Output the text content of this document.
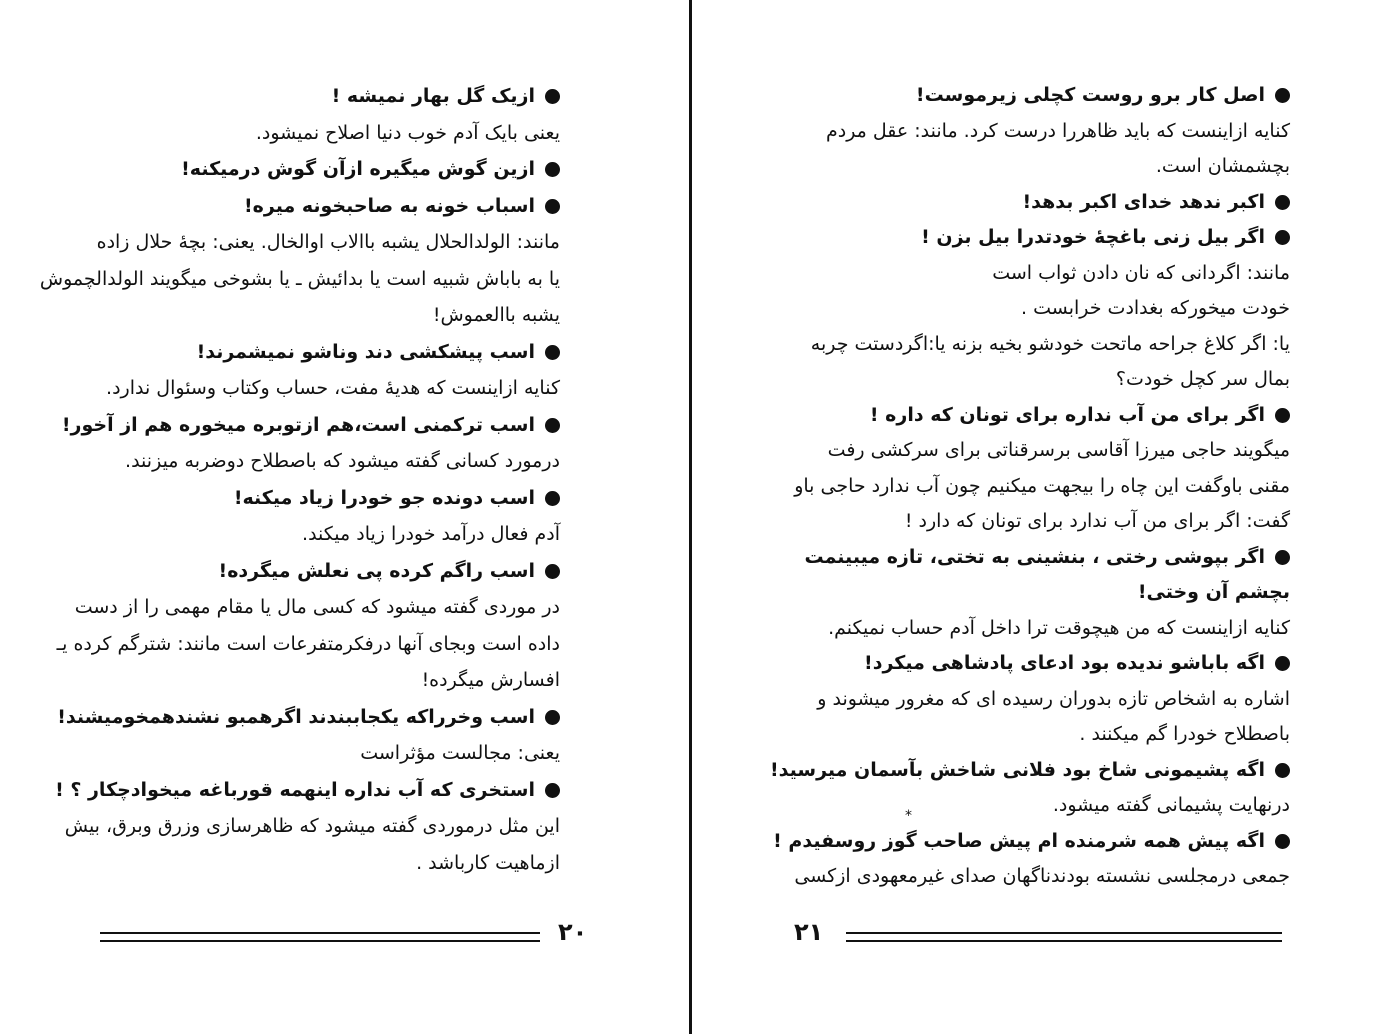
ازیک گل بهار نمیشه !
یعنی بایک آدم خوب دنیا اصلاح نمیشود.
ازین گوش میگیره ازآن گوش درمیکنه!
اسباب خونه به صاحبخونه میره!
مانند: الولدالحلال یشبه باالاب اوالخال. یعنی: بچهٔ حلال زاده
یا به باباش شبیه است یا بدائیش ـ یا بشوخی میگویند الولدالچموش
یشبه باالعموش!
اسب پیشکشی دند وناشو نمیشمرند!
کنایه ازاینست که هدیهٔ مفت، حساب وکتاب وسئوال ندارد.
اسب ترکمنی است،هم ازتوبره میخوره هم از آخور!
درمورد کسانی گفته میشود که باصطلاح دوضربه میزنند.
اسب دونده جو خودرا زیاد میکنه!
آدم فعال درآمد خودرا زیاد میکند.
اسب راگم کرده پی نعلش میگرده!
در موردی گفته میشود که کسی مال یا مقام مهمی را از دست
داده است وبجای آنها درفکرمتفرعات است مانند: شترگم کرده یـ
افسارش میگرده!
اسب وخرراکه یکجاببندند اگرهمبو نشندهمخومیشند!
یعنی: مجالست مؤثراست
استخری که آب نداره اینهمه قورباغه میخوادچکار ؟ !
این مثل درموردی گفته میشود که ظاهرسازی وزرق وبرق، بیش
ازماهیت کارباشد .
اصل کار برو روست کچلی زیرموست!
کنایه ازاینست که باید ظاهررا درست کرد. مانند: عقل مردم
بچشمشان است.
اکبر ندهد خدای اکبر بدهد!
اگر بیل زنی باغچهٔ خودتدرا بیل بزن !
مانند: اگردانی که نان دادن ثواب است
خودت میخورکه بغدادت خرابست .
یا: اگر کلاغ جراحه ماتحت خودشو بخیه بزنه یا:اگردستت چربه
بمال سر کچل خودت؟
اگر برای من آب نداره برای تونان که داره !
میگویند حاجی میرزا آقاسی برسرقناتی برای سرکشی رفت
مقنی باوگفت این چاه را بیجهت میکنیم چون آب ندارد حاجی باو
گفت: اگر برای من آب ندارد برای تونان که دارد !
اگر بپوشی رختی ، بنشینی به تختی، تازه میبینمت
بچشم آن وختی!
کنایه ازاینست که من هیچوقت ترا داخل آدم حساب نمیکنم.
اگه باباشو ندیده بود ادعای پادشاهی میکرد!
اشاره به اشخاص تازه بدوران رسیده ای که مغرور میشوند و
باصطلاح خودرا گم میکنند .
اگه پشیمونی شاخ بود فلانی شاخش بآسمان میرسید!
درنهایت پشیمانی گفته میشود.
اگه پیش همه شرمنده ام پیش صاحب گوز روسفیدم !
جمعی درمجلسی نشسته بودندناگهان صدای غیرمعهودی ازکسی
۲۰	۲۱
*
